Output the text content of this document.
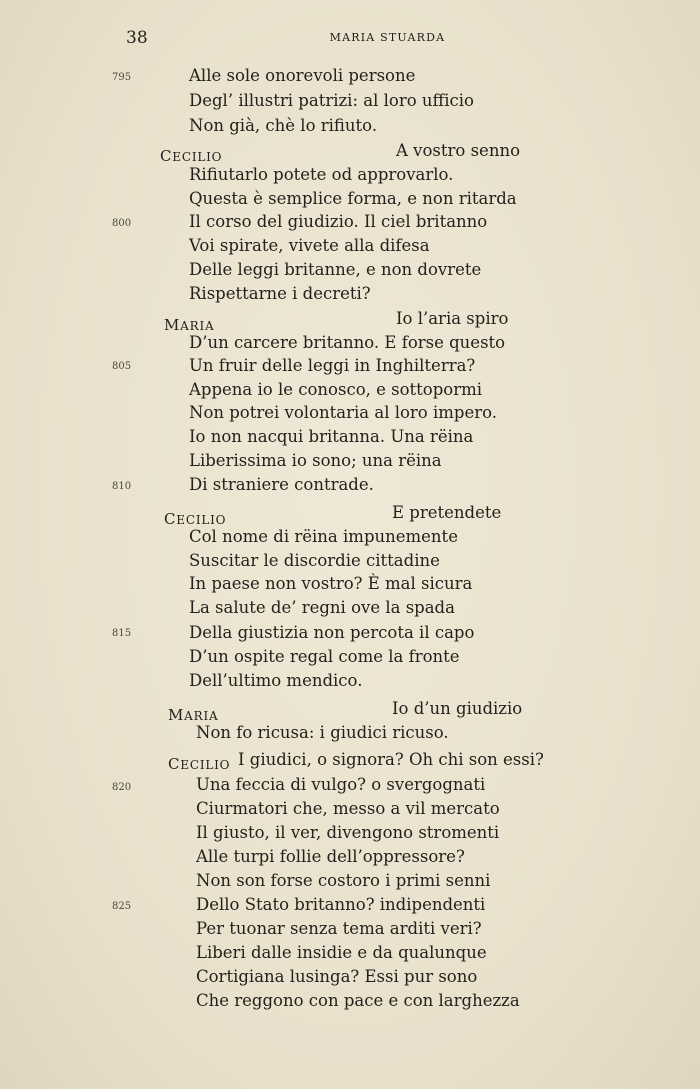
38	MARIA STUARDA
795
800
805
810
815
820
825
Alle sole onorevoli persone
Degl’ illustri patrizi: al loro ufficio
Non già, chè lo rifiuto.
CECILIO	A vostro senno
Rifiutarlo potete od approvarlo.
Questa è semplice forma, e non ritarda
Il corso del giudizio. Il ciel britanno
Voi spirate, vivete alla difesa
Delle leggi britanne, e non dovrete
Rispettarne i decreti?
MARIA	Io l’aria spiro
D’un carcere britanno. E forse questo
Un fruir delle leggi in Inghilterra?
Appena io le conosco, e sottopormi
Non potrei volontaria al loro impero.
Io non nacqui britanna. Una rëina
Liberissima io sono; una rëina
Di straniere contrade.
CECILIO	E pretendete
Col nome di rëina impunemente
Suscitar le discordie cittadine
In paese non vostro? È mal sicura
La salute de’ regni ove la spada
Della giustizia non percota il capo
D’un ospite regal come la fronte
Dell’ultimo mendico.
MARIA	Io d’un giudizio
Non fo ricusa: i giudici ricuso.
CECILIO I giudici, o signora? Oh chi son essi?
Una feccia di vulgo? o svergognati
Ciurmatori che, messo a vil mercato
Il giusto, il ver, divengono stromenti
Alle turpi follie dell’oppressore?
Non son forse costoro i primi senni
Dello Stato britanno? indipendenti
Per tuonar senza tema arditi veri?
Liberi dalle insidie e da qualunque
Cortigiana lusinga? Essi pur sono
Che reggono con pace e con larghezza
